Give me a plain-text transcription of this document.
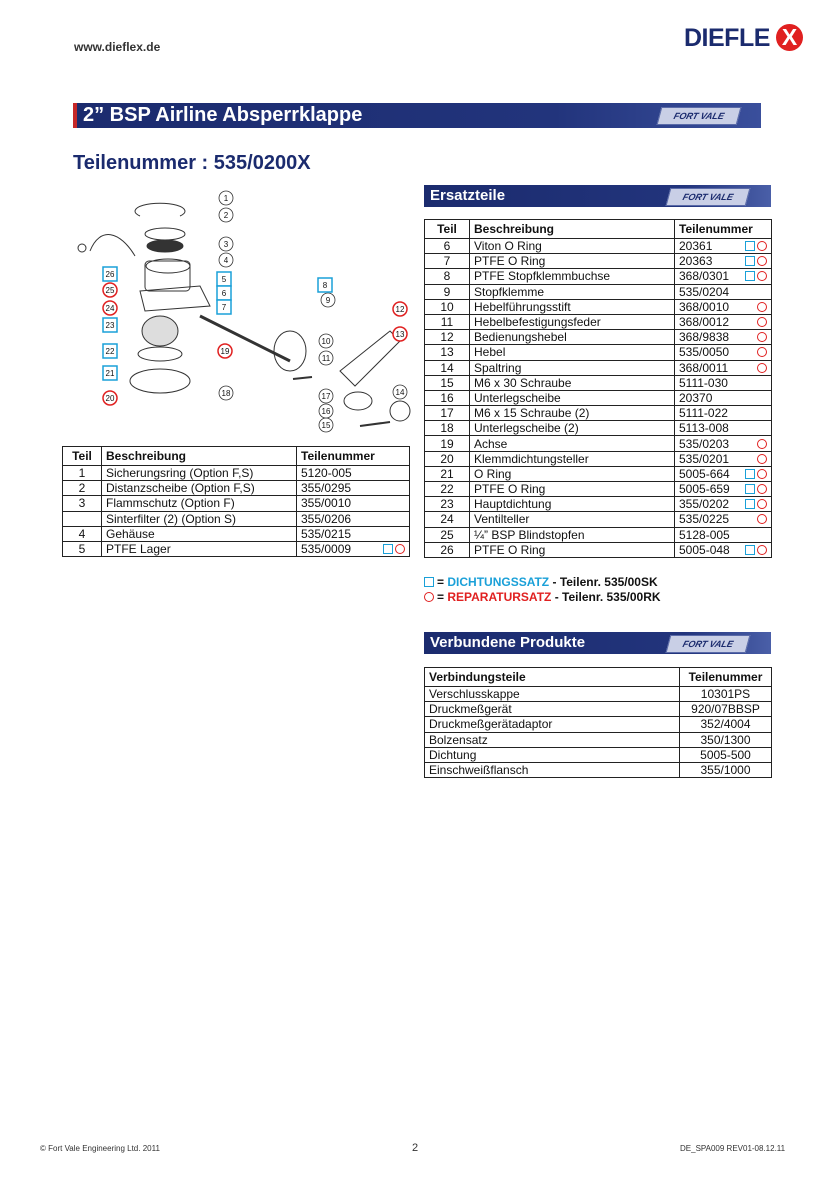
www.dieflex.de	DIEFLE X
2” BSP Airline Absperrklappe	FORT VALE
Teilenummer : 535/0200X
1
2
3
4
9
10
11
14
15
16
17
18
5
6
7
8
21
22
23
26
12
13
19
20
24
25
Teil	Beschreibung	Teilenummer
1	Sicherungsring (Option F,S)	5120-005

2	Distanzscheibe (Option F,S)	355/0295

3	Flammschutz (Option F)	355/0010

	Sinterfilter (2) (Option S)	355/0206

4	Gehäuse	535/0215

5	PTFE Lager	535/0009
Ersatzteile	FORT VALE
Teil	Beschreibung	Teilenummer
6	Viton O Ring	20361

7	PTFE O Ring	20363

8	PTFE Stopfklemmbuchse	368/0301

9	Stopfklemme	535/0204

10	Hebelführungsstift	368/0010

11	Hebelbefestigungsfeder	368/0012

12	Bedienungshebel	368/9838

13	Hebel	535/0050

14	Spaltring	368/0011

15	M6 x 30 Schraube	5111-030

16	Unterlegscheibe	20370

17	M6 x 15 Schraube (2)	5111-022

18	Unterlegscheibe (2)	5113-008

19	Achse	535/0203

20	Klemmdichtungsteller	535/0201

21	O Ring	5005-664

22	PTFE O Ring	5005-659

23	Hauptdichtung	355/0202

24	Ventilteller	535/0225

25	¼” BSP Blindstopfen	5128-005

26	PTFE O Ring	5005-048
= DICHTUNGSSATZ - Teilenr. 535/00SK
= REPARATURSATZ - Teilenr. 535/00RK
Verbundene Produkte	FORT VALE
Verbindungsteile	Teilenummer
Verschlusskappe	10301PS
Druckmeßgerät	920/07BBSP
Druckmeßgerätadaptor	352/4004
Bolzensatz	350/1300
Dichtung	5005-500
Einschweißflansch	355/1000
© Fort Vale Engineering Ltd. 2011	2	DE_SPA009 REV01-08.12.11
